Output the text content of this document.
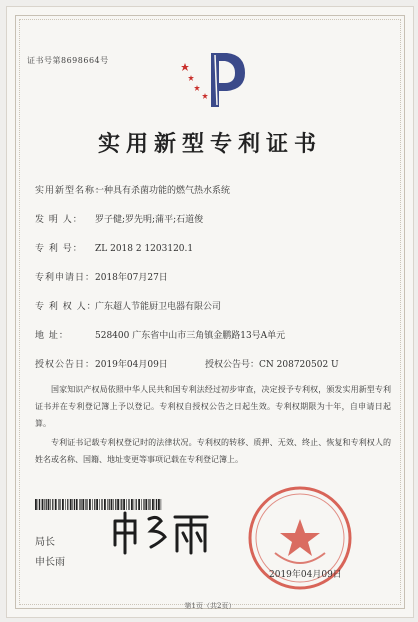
证书号第8698664号
实用新型专利证书
实用新型名称：一种具有杀菌功能的燃气热水系统
发 明 人： 罗子健;罗先明;蒲平;石道俊
专 利 号： ZL 2018 2 1203120.1
专利申请日：2018年07月27日
专 利 权 人：广东超人节能厨卫电器有限公司
地 址：	528400 广东省中山市三角镇金鹏路13号A单元
授权公告日：2019年04月09日	授权公告号：CN 208720502 U
国家知识产权局依照中华人民共和国专利法经过初步审查，决定授予专利权，颁发实用新型专利证书并在专利登记簿上予以登记。专利权自授权公告之日起生效。专利权期限为十年，自申请日起算。
专利证书记载专利权登记时的法律状况。专利权的转移、质押、无效、终止、恢复和专利权人的姓名或名称、国籍、地址变更等事项记载在专利登记簿上。
局长
申长雨
2019年04月09日
第1页（共2页）
